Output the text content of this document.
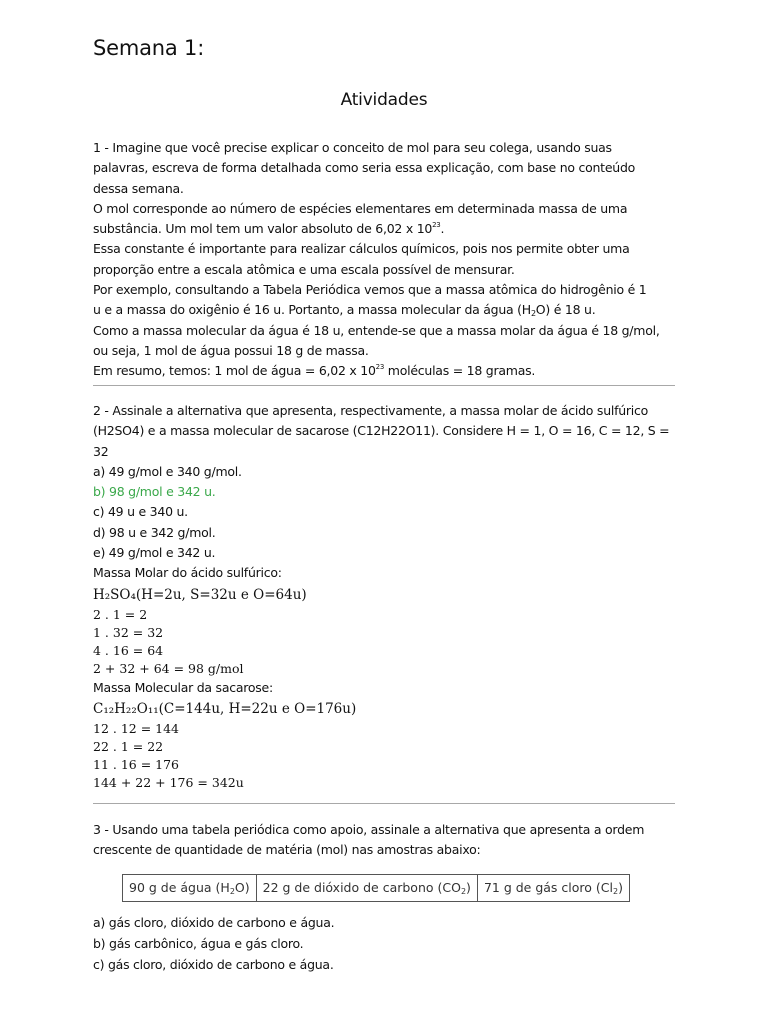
Semana 1:
Atividades

1 - Imagine que você precise explicar o conceito de mol para seu colega, usando suas

palavras, escreva de forma detalhada como seria essa explicação, com base no conteúdo

dessa semana.

O mol corresponde ao número de espécies elementares em determinada massa de uma

substância. Um mol tem um valor absoluto de 6,02 x $10^{23}$.

Essa constante é importante para realizar cálculos químicos, pois nos permite obter uma

proporção entre a escala atômica e uma escala possível de mensurar.

Por exemplo, consultando a Tabela Periódica vemos que a massa atômica do hidrogênio é 1

u e a massa do oxigênio é 16 u. Portanto, a massa molecular da água $(H_2O)$ é 18 u.

Como a massa molecular da água é 18 u, entende-se que a massa molar da água é 18 g/mol,

ou seja, 1 mol de água possui 18 g de massa.

Em resumo, temos: 1 mol de água = 6,02 x $10^{23}$ moléculas = 18 gramas.

2 - Assinale a alternativa que apresenta, respectivamente, a massa molar de ácido sulfúrico

(H2SO4) e a massa molecular de sacarose (C12H22O11). Considere H = 1, O = 16, C = 12, S =

32

a) 49 g/mol e 340 g/mol.

b) 98 g/mol e 342 u.

c) 49 u e 340 u.

d) 98 u e 342 g/mol.

e) 49 g/mol e 342 u.

Massa Molar do ácido sulfúrico:

H₂SO₄(H=2u, S=32u e O=64u)

2 . 1 = 2

1 . 32 = 32

4 . 16 = 64

2 + 32 + 64 = 98 g/mol

Massa Molecular da sacarose:

C₁₂H₂₂O₁₁(C=144u, H=22u e O=176u)

12 . 12 = 144

22 . 1 = 22

11 . 16 = 176

144 + 22 + 176 = 342u

3 - Usando uma tabela periódica como apoio, assinale a alternativa que apresenta a ordem

crescente de quantidade de matéria (mol) nas amostras abaixo:

90 g de água $(H_2O)$	22 g de dióxido de carbono $(CO_2)$	71 g de gás cloro $(Cl_2)$

a) gás cloro, dióxido de carbono e água.

b) gás carbônico, água e gás cloro.

c) gás cloro, dióxido de carbono e água.
